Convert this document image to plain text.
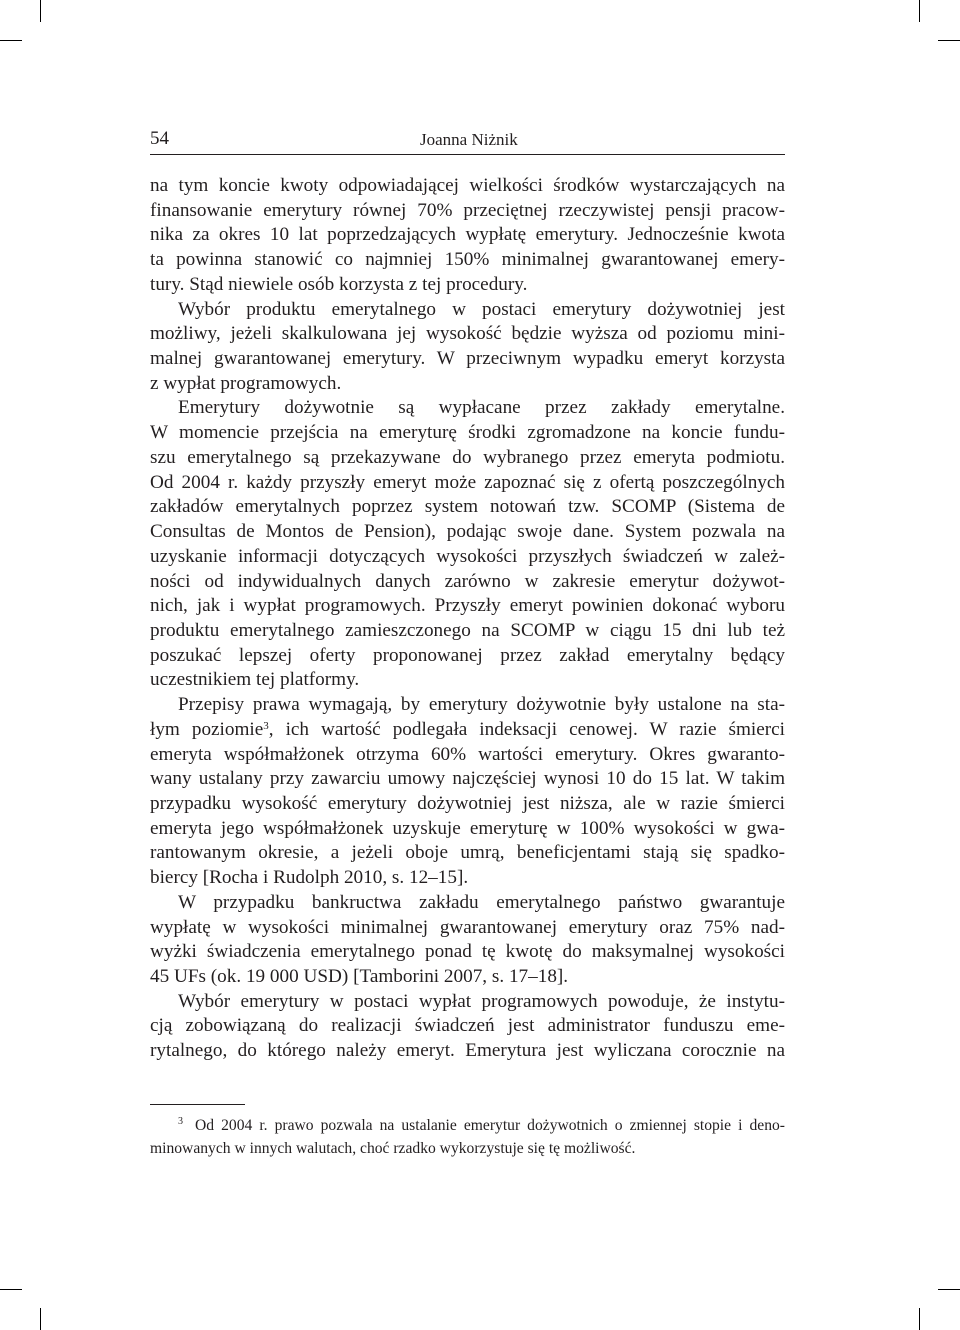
54	Joanna Niżnik
na tym koncie kwoty odpowiadającej wielkości środków wystarczających na
finansowanie emerytury równej 70% przeciętnej rzeczywistej pensji pracow-
nika za okres 10 lat poprzedzających wypłatę emerytury. Jednocześnie kwota
ta powinna stanowić co najmniej 150% minimalnej gwarantowanej emery-
tury. Stąd niewiele osób korzysta z tej procedury.
Wybór produktu emerytalnego w postaci emerytury dożywotniej jest
możliwy, jeżeli skalkulowana jej wysokość będzie wyższa od poziomu mini-
malnej gwarantowanej emerytury. W przeciwnym wypadku emeryt korzysta
z wypłat programowych.
Emerytury dożywotnie są wypłacane przez zakłady emerytalne.
W momencie przejścia na emeryturę środki zgromadzone na koncie fundu-
szu emerytalnego są przekazywane do wybranego przez emeryta podmiotu.
Od 2004 r. każdy przyszły emeryt może zapoznać się z ofertą poszczególnych
zakładów emerytalnych poprzez system notowań tzw. SCOMP (Sistema de
Consultas de Montos de Pension), podając swoje dane. System pozwala na
uzyskanie informacji dotyczących wysokości przyszłych świadczeń w zależ-
ności od indywidualnych danych zarówno w zakresie emerytur dożywot-
nich, jak i wypłat programowych. Przyszły emeryt powinien dokonać wyboru
produktu emerytalnego zamieszczonego na SCOMP w ciągu 15 dni lub też
poszukać lepszej oferty proponowanej przez zakład emerytalny będący
uczestnikiem tej platformy.
Przepisy prawa wymagają, by emerytury dożywotnie były ustalone na sta-
łym poziomie$^3$, ich wartość podlegała indeksacji cenowej. W razie śmierci
emeryta współmałżonek otrzyma 60% wartości emerytury. Okres gwaranto-
wany ustalany przy zawarciu umowy najczęściej wynosi 10 do 15 lat. W takim
przypadku wysokość emerytury dożywotniej jest niższa, ale w razie śmierci
emeryta jego współmałżonek uzyskuje emeryturę w 100% wysokości w gwa-
rantowanym okresie, a jeżeli oboje umrą, beneficjentami stają się spadko-
biercy [Rocha i Rudolph 2010, s. 12–15].
W przypadku bankructwa zakładu emerytalnego państwo gwarantuje
wypłatę w wysokości minimalnej gwarantowanej emerytury oraz 75% nad-
wyżki świadczenia emerytalnego ponad tę kwotę do maksymalnej wysokości
45 UFs (ok. 19 000 USD) [Tamborini 2007, s. 17–18].
Wybór emerytury w postaci wypłat programowych powoduje, że instytu-
cją zobowiązaną do realizacji świadczeń jest administrator funduszu eme-
rytalnego, do którego należy emeryt. Emerytura jest wyliczana corocznie na
$^3$ Od 2004 r. prawo pozwala na ustalanie emerytur dożywotnich o zmiennej stopie i deno-
minowanych w innych walutach, choć rzadko wykorzystuje się tę możliwość.
